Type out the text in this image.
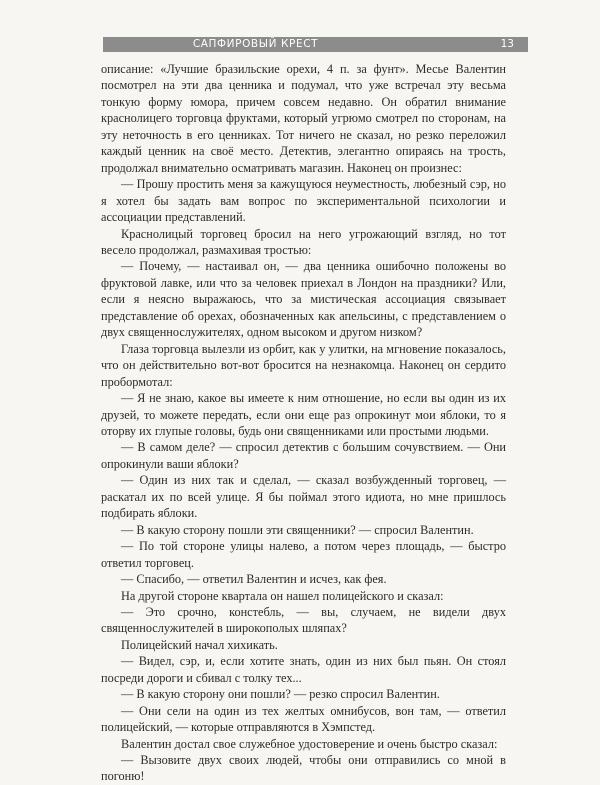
САПФИРОВЫЙ КРЕСТ	13

описание: «Лучшие бразильские орехи, 4 п. за фунт». Месье Валентин посмотрел на эти два ценника и подумал, что уже встречал эту весьма тонкую форму юмора, причем совсем недавно. Он обратил внимание краснолицего торговца фруктами, который угрюмо смотрел по сторонам, на эту неточность в его ценниках. Тот ничего не сказал, но резко переложил каждый ценник на своё место. Детектив, элегантно опираясь на трость, продолжал внимательно осматривать магазин. Наконец он произнес:

— Прошу простить меня за кажущуюся неуместность, любезный сэр, но я хотел бы задать вам вопрос по экспериментальной психологии и ассоциации представлений.

Краснолицый торговец бросил на него угрожающий взгляд, но тот весело продолжал, размахивая тростью:

— Почему, — настаивал он, — два ценника ошибочно положены во фруктовой лавке, или что за человек приехал в Лондон на праздники? Или, если я неясно выражаюсь, что за мистическая ассоциация связывает представление об орехах, обозначенных как апельсины, с представлением о двух священнослужителях, одном высоком и другом низком?

Глаза торговца вылезли из орбит, как у улитки, на мгновение показалось, что он действительно вот-вот бросится на незнакомца. Наконец он сердито пробормотал:

— Я не знаю, какое вы имеете к ним отношение, но если вы один из их друзей, то можете передать, если они еще раз опрокинут мои яблоки, то я оторву их глупые головы, будь они священниками или простыми людьми.

— В самом деле? — спросил детектив с большим сочувствием. — Они опрокинули ваши яблоки?

— Один из них так и сделал, — сказал возбужденный торговец, — раскатал их по всей улице. Я бы поймал этого идиота, но мне пришлось подбирать яблоки.

— В какую сторону пошли эти священники? — спросил Валентин.

— По той стороне улицы налево, а потом через площадь, — быстро ответил торговец.

— Спасибо, — ответил Валентин и исчез, как фея.

На другой стороне квартала он нашел полицейского и сказал:

— Это срочно, констебль, — вы, случаем, не видели двух священнослужителей в широкополых шляпах?

Полицейский начал хихикать.

— Видел, сэр, и, если хотите знать, один из них был пьян. Он стоял посреди дороги и сбивал с толку тех...

— В какую сторону они пошли? — резко спросил Валентин.

— Они сели на один из тех желтых омнибусов, вон там, — ответил полицейский, — которые отправляются в Хэмпстед.

Валентин достал свое служебное удостоверение и очень быстро сказал:

— Вызовите двух своих людей, чтобы они отправились со мной в погоню!
